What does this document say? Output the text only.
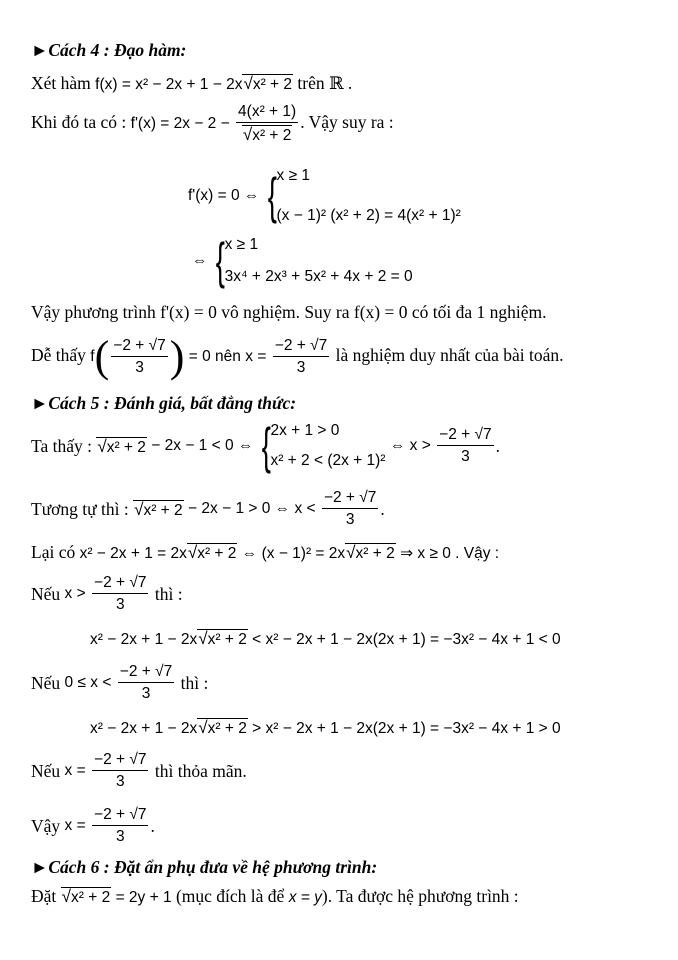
►Cách 4 : Đạo hàm:
Xét hàm f(x) = x² − 2x + 1 − 2x√x² + 2 trên ℝ .
Khi đó ta có : $f'(x) = 2x - 2 - \frac{\text{4(x² + 1)}}{\text{√x² + 2}}$ . Vậy suy ra :
f'(x) = 0 ⇔ { x ≥ 1
(x − 1)² (x² + 2) = 4(x² + 1)²
⇔ { x ≥ 1
3x⁴ + 2x³ + 5x² + 4x + 2 = 0
Vậy phương trình f'(x) = 0 vô nghiệm. Suy ra f(x) = 0 có tối đa 1 nghiệm.
Dễ thấy $f( \frac{-2 + √7}{3}$ ) = 0 nên $x = \frac{-2 + √7}{3}$ là nghiệm duy nhất của bài toán.
►Cách 5 : Đánh giá, bất đẳng thức:
Ta thấy : √x² + 2 − 2x − 1 < 0 ⇔ { 2x + 1 > 0
x² + 2 < (2x + 1)²
⇔ $x > \frac{-2 + √7}{3}$ .
Tương tự thì : √x² + 2 − 2x − 1 > 0 ⇔ $x < \frac{-2 + √7}{3}$ .
Lại có x² − 2x + 1 = 2x√x² + 2 ⇔ (x − 1)² = 2x√x² + 2 ⇒ x ≥ 0 . Vậy :
Nếu $x > \frac{-2 + √7}{3}$ thì :
x² − 2x + 1 − 2x√x² + 2 < x² − 2x + 1 − 2x(2x + 1) = −3x² − 4x + 1 < 0
Nếu $0 \le x < \frac{-2 + √7}{3}$ thì :
x² − 2x + 1 − 2x√x² + 2 > x² − 2x + 1 − 2x(2x + 1) = −3x² − 4x + 1 > 0
Nếu $x = \frac{-2 + √7}{3}$ thì thỏa mãn.
Vậy $x = \frac{-2 + √7}{3}$ .
►Cách 6 : Đặt ẩn phụ đưa về hệ phương trình:
Đặt √x² + 2 = 2y + 1 (mục đích là để x = y). Ta được hệ phương trình :
